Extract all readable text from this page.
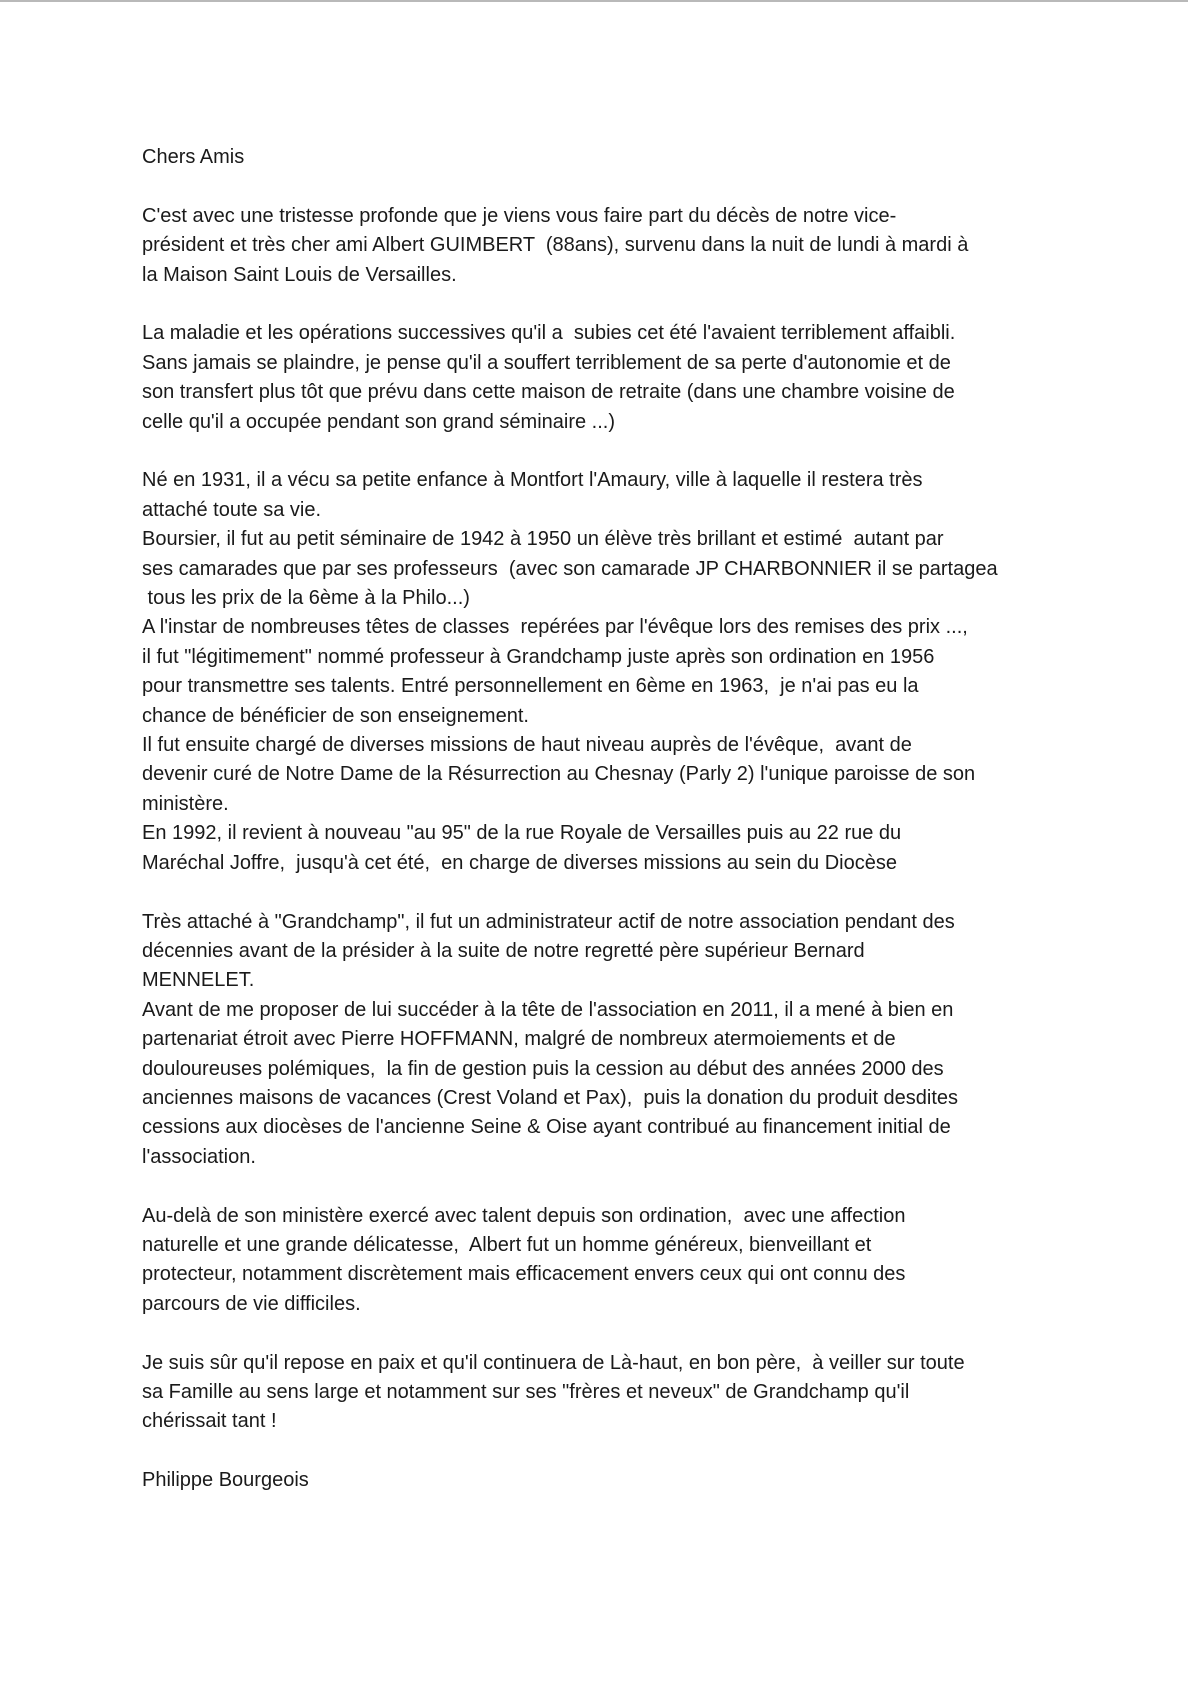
Chers Amis

C'est avec une tristesse profonde que je viens vous faire part du décès de notre vice-
président et très cher ami Albert GUIMBERT  (88ans), survenu dans la nuit de lundi à mardi à
la Maison Saint Louis de Versailles.

La maladie et les opérations successives qu'il a  subies cet été l'avaient terriblement affaibli.
Sans jamais se plaindre, je pense qu'il a souffert terriblement de sa perte d'autonomie et de
son transfert plus tôt que prévu dans cette maison de retraite (dans une chambre voisine de
celle qu'il a occupée pendant son grand séminaire ...)

Né en 1931, il a vécu sa petite enfance à Montfort l'Amaury, ville à laquelle il restera très
attaché toute sa vie.
Boursier, il fut au petit séminaire de 1942 à 1950 un élève très brillant et estimé  autant par
ses camarades que par ses professeurs  (avec son camarade JP CHARBONNIER il se partagea
tous les prix de la 6ème à la Philo...)
A l'instar de nombreuses têtes de classes  repérées par l'évêque lors des remises des prix ...,
il fut "légitimement" nommé professeur à Grandchamp juste après son ordination en 1956
pour transmettre ses talents. Entré personnellement en 6ème en 1963,  je n'ai pas eu la
chance de bénéficier de son enseignement.
Il fut ensuite chargé de diverses missions de haut niveau auprès de l'évêque,  avant de
devenir curé de Notre Dame de la Résurrection au Chesnay (Parly 2) l'unique paroisse de son
ministère.
En 1992, il revient à nouveau "au 95" de la rue Royale de Versailles puis au 22 rue du
Maréchal Joffre,  jusqu'à cet été,  en charge de diverses missions au sein du Diocèse

Très attaché à "Grandchamp", il fut un administrateur actif de notre association pendant des
décennies avant de la présider à la suite de notre regretté père supérieur Bernard
MENNELET.
Avant de me proposer de lui succéder à la tête de l'association en 2011, il a mené à bien en
partenariat étroit avec Pierre HOFFMANN, malgré de nombreux atermoiements et de
douloureuses polémiques,  la fin de gestion puis la cession au début des années 2000 des
anciennes maisons de vacances (Crest Voland et Pax),  puis la donation du produit desdites
cessions aux diocèses de l'ancienne Seine & Oise ayant contribué au financement initial de
l'association.

Au-delà de son ministère exercé avec talent depuis son ordination,  avec une affection
naturelle et une grande délicatesse,  Albert fut un homme généreux, bienveillant et
protecteur, notamment discrètement mais efficacement envers ceux qui ont connu des
parcours de vie difficiles.

Je suis sûr qu'il repose en paix et qu'il continuera de Là-haut, en bon père,  à veiller sur toute
sa Famille au sens large et notamment sur ses "frères et neveux" de Grandchamp qu'il
chérissait tant !

Philippe Bourgeois
